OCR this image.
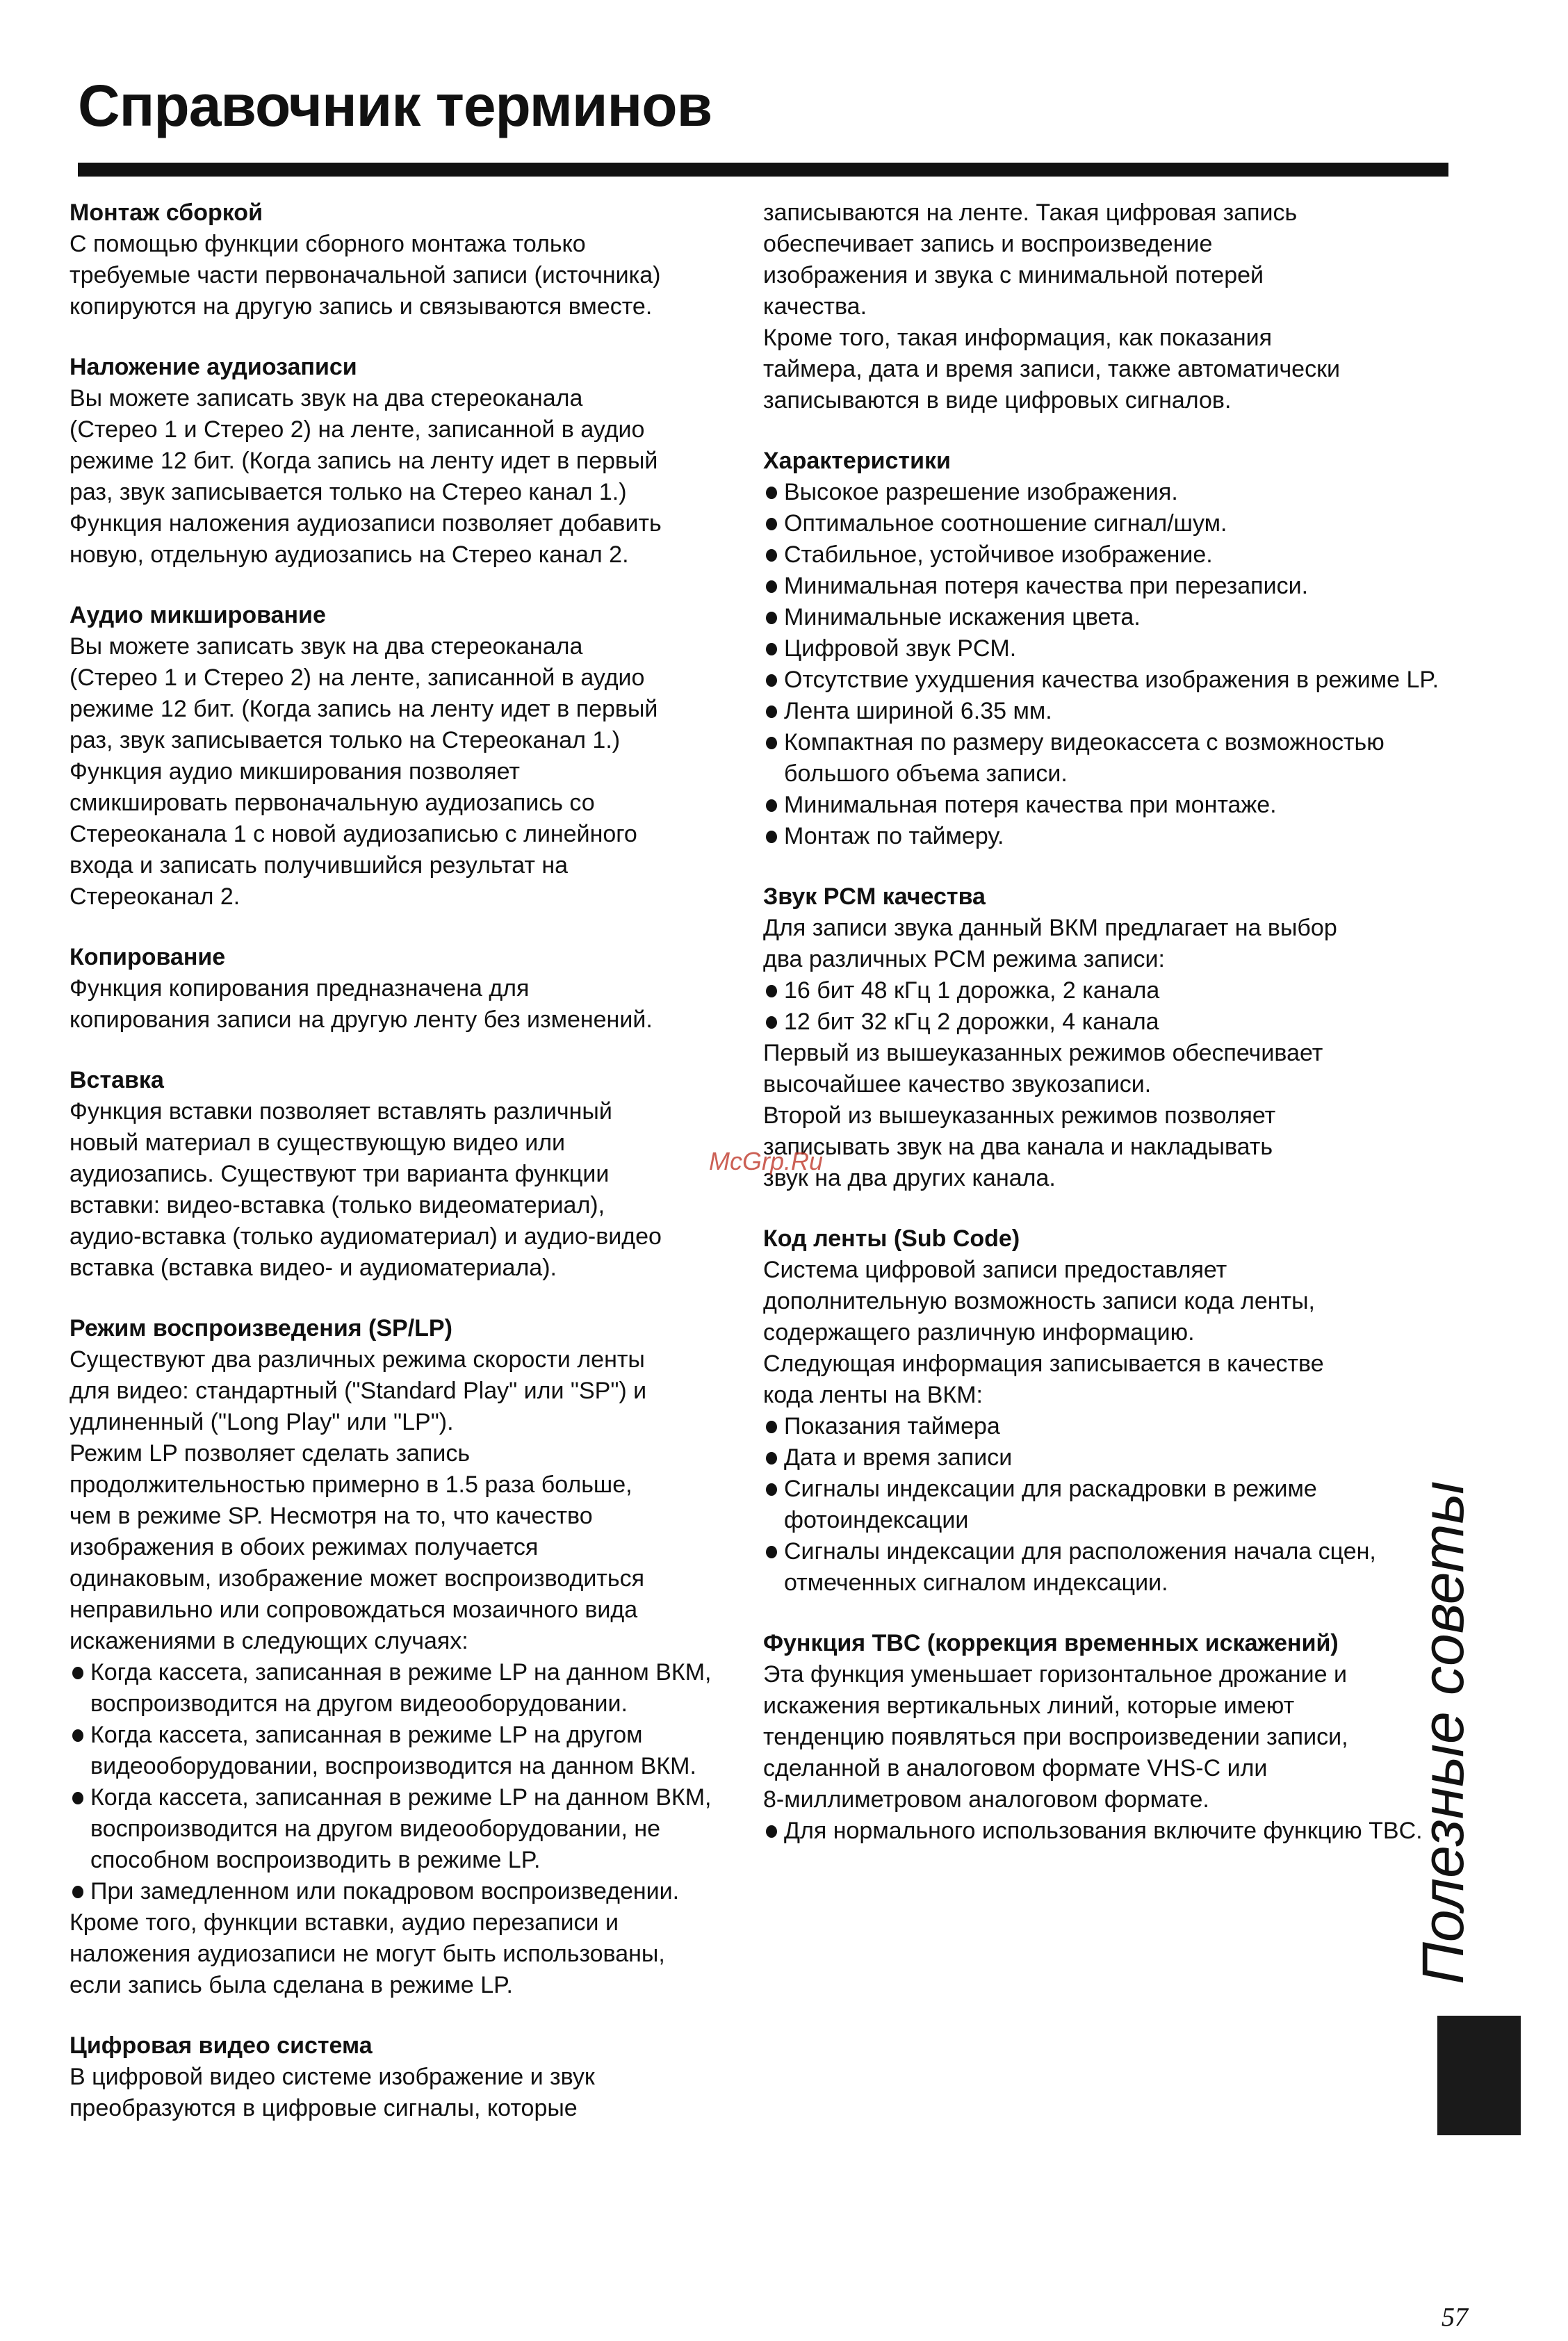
Справочник терминов
Монтаж сборкой
С помощью функции сборного монтажа только
требуемые части первоначальной записи (источника)
копируются на другую запись и связываются вместе.
Наложение аудиозаписи
Вы можете записать звук на два стереоканала
(Стерео 1 и Стерео 2) на ленте, записанной в аудио
режиме 12 бит. (Когда запись на ленту идет в первый
раз, звук записывается только на Стерео канал 1.)
Функция наложения аудиозаписи позволяет добавить
новую, отдельную аудиозапись на Стерео канал 2.
Аудио микширование
Вы можете записать звук на два стереоканала
(Стерео 1 и Стерео 2) на ленте, записанной в аудио
режиме 12 бит. (Когда запись на ленту идет в первый
раз, звук записывается только на Стереоканал 1.)
Функция аудио микширования позволяет
смикшировать первоначальную аудиозапись со
Стереоканала 1 с новой аудиозаписью с линейного
входа и записать получившийся результат на
Стереоканал 2.
Копирование
Функция копирования предназначена для
копирования записи на другую ленту без изменений.
Вставка
Функция вставки позволяет вставлять различный
новый материал в существующую видео или
аудиозапись. Существуют три варианта функции
вставки: видео-вставка (только видеоматериал),
аудио-вставка (только аудиоматериал) и аудио-видео
вставка (вставка видео- и аудиоматериала).
Режим воспроизведения (SP/LP)
Существуют два различных режима скорости ленты
для видео: стандартный ("Standard Play" или "SP") и
удлиненный ("Long Play" или "LP").
Режим LP позволяет сделать запись
продолжительностью примерно в 1.5 раза больше,
чем в режиме SP. Несмотря на то, что качество
изображения в обоих режимах получается
одинаковым, изображение может воспроизводиться
неправильно или сопровождаться мозаичного вида
искажениями в следующих случаях:
Когда кассета, записанная в режиме LP на данном ВКМ, воспроизводится на другом видеооборудовании.
Когда кассета, записанная в режиме LP на другом видеооборудовании, воспроизводится на данном ВКМ.
Когда кассета, записанная в режиме LP на данном ВКМ, воспроизводится на другом видеооборудовании, не способном воспроизводить в режиме LP.
При замедленном или покадровом воспроизведении.
Кроме того, функции вставки, аудио перезаписи и
наложения аудиозаписи не могут быть использованы,
если запись была сделана в режиме LP.
Цифровая видео система
В цифровой видео системе изображение и звук
преобразуются в цифровые сигналы, которые
записываются на ленте. Такая цифровая запись
обеспечивает запись и воспроизведение
изображения и звука с минимальной потерей
качества.
Кроме того, такая информация, как показания
таймера, дата и время записи, также автоматически
записываются в виде цифровых сигналов.
Характеристики
Высокое разрешение изображения.
Оптимальное соотношение сигнал/шум.
Стабильное, устойчивое изображение.
Минимальная потеря качества при перезаписи.
Минимальные искажения цвета.
Цифровой звук PCM.
Отсутствие ухудшения качества изображения в режиме LP.
Лента шириной 6.35 мм.
Компактная по размеру видеокассета с возможностью большого объема записи.
Минимальная потеря качества при монтаже.
Монтаж по таймеру.
Звук PCM качества
Для записи звука данный ВКМ предлагает на выбор
два различных PCM режима записи:
16 бит 48 кГц 1 дорожка, 2 канала
12 бит 32 кГц 2 дорожки, 4 канала
Первый из вышеуказанных режимов обеспечивает
высочайшее качество звукозаписи.
Второй из вышеуказанных режимов позволяет
записывать звук на два канала и накладывать
звук на два других канала.
Код ленты (Sub Code)
Система цифровой записи предоставляет
дополнительную возможность записи кода ленты,
содержащего различную информацию.
Следующая информация записывается в качестве
кода ленты на ВКМ:
Показания таймера
Дата и время записи
Сигналы индексации для раскадровки в режиме фотоиндексации
Сигналы индексации для расположения начала сцен, отмеченных сигналом индексации.
Функция TBC (коррекция временных искажений)
Эта функция уменьшает горизонтальное дрожание и
искажения вертикальных линий, которые имеют
тенденцию появляться при воспроизведении записи,
сделанной в аналоговом формате VHS-C или
8-миллиметровом аналоговом формате.
Для нормального использования включите функцию TBC.
Полезные советы
McGrp.Ru
57
